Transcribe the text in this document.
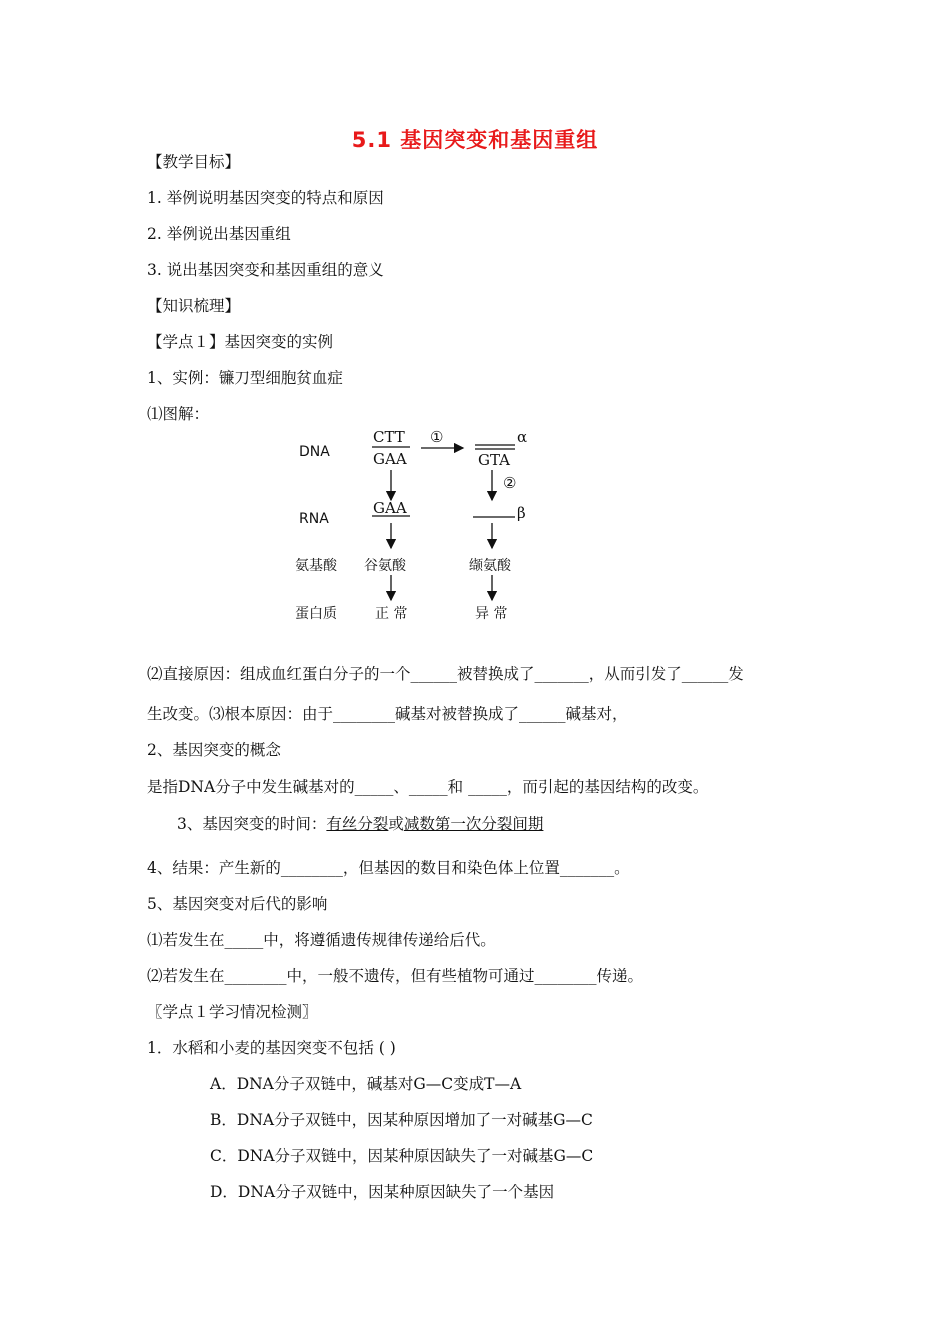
5.1 基因突变和基因重组
【教学目标】
1. 举例说明基因突变的特点和原因
2. 举例说出基因重组
3. 说出基因突变和基因重组的意义
【知识梳理】
【学点１】基因突变的实例
1、实例：镰刀型细胞贫血症
⑴图解：
DNA
RNA
氨基酸
蛋白质
CTT
GAA
①	α
GTA
GAA
谷氨酸
正 常
②
β
缬氨酸
异 常
⑵直接原因：组成血红蛋白分子的一个______被替换成了_______，从而引发了______发
生改变。⑶根本原因：由于________碱基对被替换成了______碱基对，
2、基因突变的概念
是指DNA分子中发生碱基对的_____、_____和 _____，而引起的基因结构的改变。
3、基因突变的时间：有丝分裂或减数第一次分裂间期
4、结果：产生新的________，但基因的数目和染色体上位置_______。
5、基因突变对后代的影响
⑴若发生在_____中，将遵循遗传规律传递给后代。
⑵若发生在________中，一般不遗传，但有些植物可通过________传递。
〖学点１学习情况检测〗
1．水稻和小麦的基因突变不包括 ( )
A．DNA分子双链中，碱基对G—C变成T—A
B．DNA分子双链中，因某种原因增加了一对碱基G—C
C．DNA分子双链中，因某种原因缺失了一对碱基G—C
D．DNA分子双链中，因某种原因缺失了一个基因
